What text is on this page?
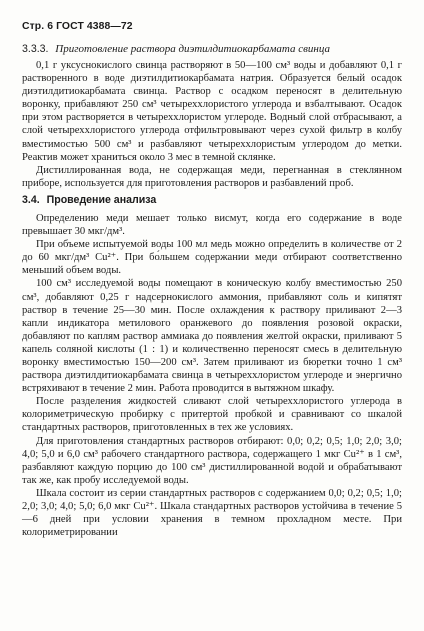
Стр. 6 ГОСТ 4388—72
3.3.3. Приготовление раствора диэтилдитиокарбамата свинца

0,1 г уксуснокислого свинца растворяют в 50—100 см³ воды и добавляют 0,1 г растворенного в воде диэтилдитиокарбамата натрия. Образуется белый осадок диэтилдитиокарбамата свинца. Раствор с осадком переносят в делительную воронку, прибавляют 250 см³ четыреххлористого углерода и взбалтывают. Осадок при этом растворяется в четыреххлористом углероде. Водный слой отбрасывают, а слой четыреххлористого углерода отфильтровывают через сухой фильтр в колбу вместимостью 500 см³ и разбавляют четыреххлористым углеродом до метки. Реактив может храниться около 3 мес в темной склянке.

Дистиллированная вода, не содержащая меди, перегнанная в стеклянном приборе, используется для приготовления растворов и разбавлений проб.

3.4. Проведение анализа

Определению меди мешает только висмут, когда его содержание в воде превышает 30 мкг/дм³.

При объеме испытуемой воды 100 мл медь можно определить в количестве от 2 до 60 мкг/дм³ Cu²⁺. При бо́льшем содержании меди отбирают соответственно меньший объем воды.

100 см³ исследуемой воды помещают в коническую колбу вместимостью 250 см³, добавляют 0,25 г надсернокислого аммония, прибавляют соль и кипятят раствор в течение 25—30 мин. После охлаждения к раствору приливают 2—3 капли индикатора метилового оранжевого до появления розовой окраски, добавляют по каплям раствор аммиака до появления желтой окраски, приливают 5 капель соляной кислоты (1 : 1) и количественно переносят смесь в делительную воронку вместимостью 150—200 см³. Затем приливают из бюретки точно 1 см³ раствора диэтилдитиокарбамата свинца в четыреххлористом углероде и энергично встряхивают в течение 2 мин. Работа проводится в вытяжном шкафу.

После разделения жидкостей сливают слой четыреххлористого углерода в колориметрическую пробирку с притертой пробкой и сравнивают со шкалой стандартных растворов, приготовленных в тех же условиях.

Для приготовления стандартных растворов отбирают: 0,0; 0,2; 0,5; 1,0; 2,0; 3,0; 4,0; 5,0 и 6,0 см³ рабочего стандартного раствора, содержащего 1 мкг Cu²⁺ в 1 см³, разбавляют каждую порцию до 100 см³ дистиллированной водой и обрабатывают так же, как пробу исследуемой воды.

Шкала состоит из серии стандартных растворов с содержанием 0,0; 0,2; 0,5; 1,0; 2,0; 3,0; 4,0; 5,0; 6,0 мкг Cu²⁺. Шкала стандартных растворов устойчива в течение 5—6 дней при условии хранения в темном прохладном месте. При колориметрировании
